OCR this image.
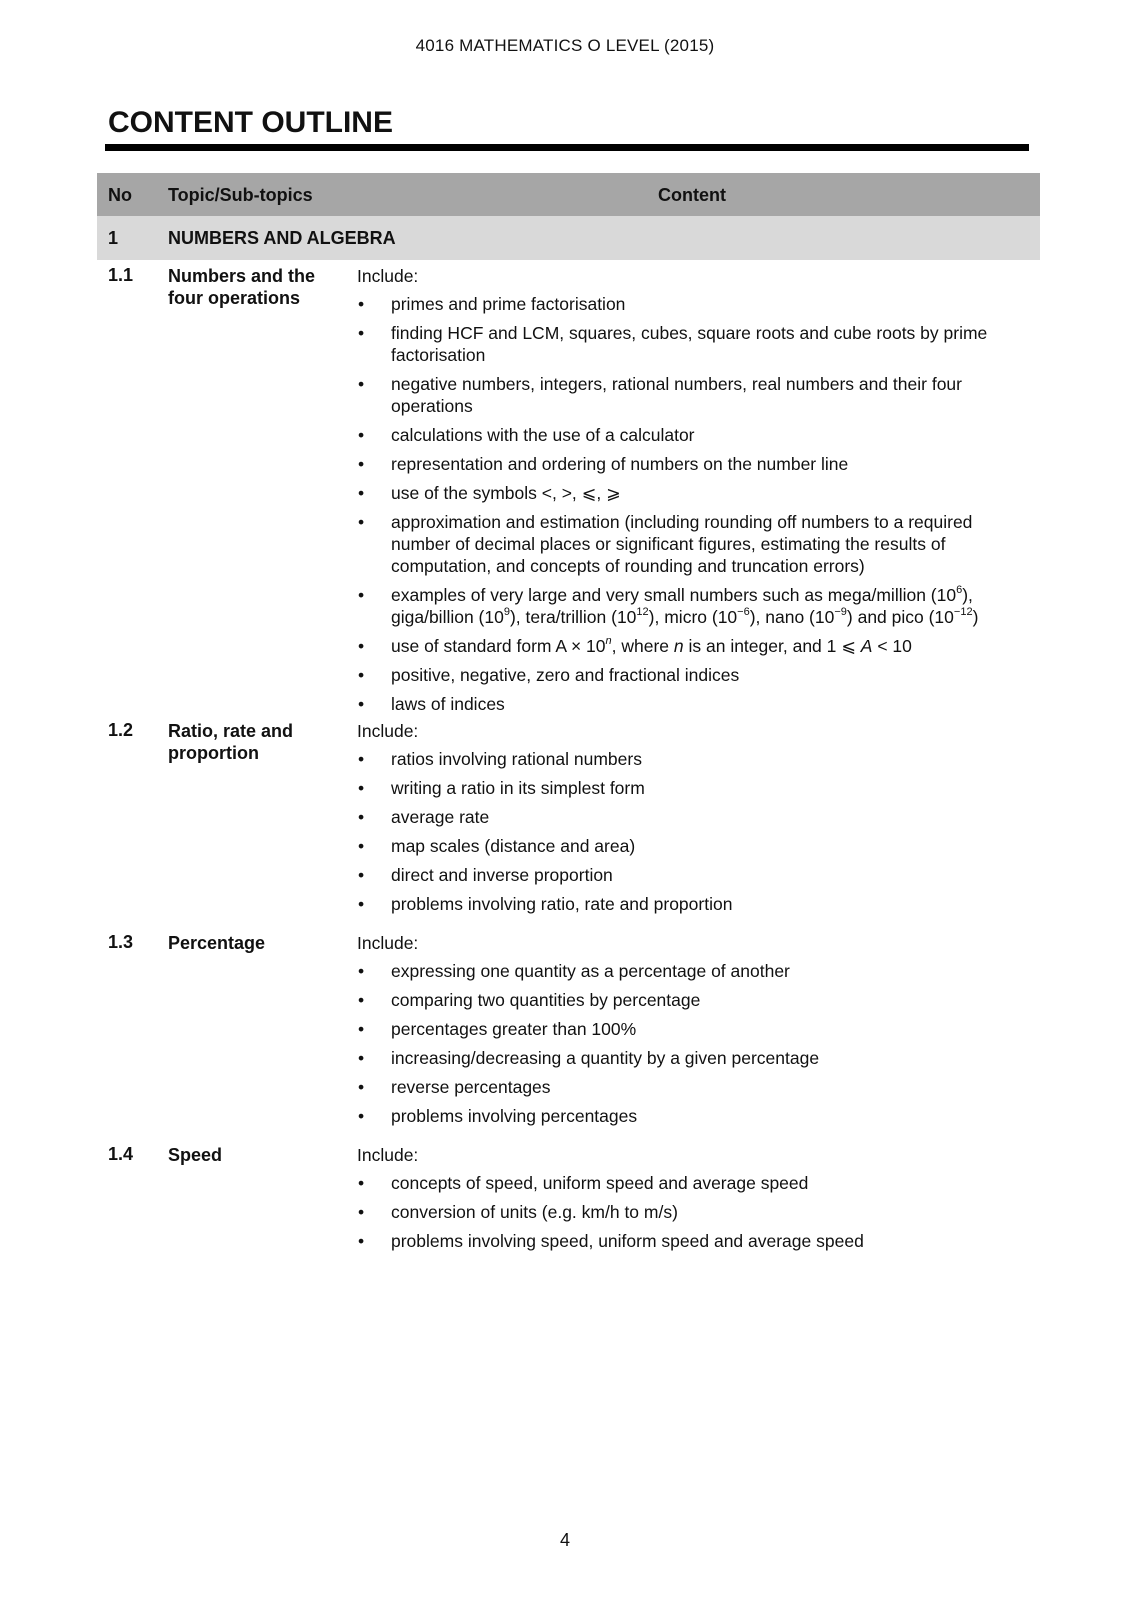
4016 MATHEMATICS O LEVEL (2015)
CONTENT OUTLINE
No Topic/Sub-topics	Content
1	NUMBERS AND ALGEBRA
1.1 Numbers and the four operations

Include:

• primes and prime factorisation
• finding HCF and LCM, squares, cubes, square roots and cube roots by prime factorisation
• negative numbers, integers, rational numbers, real numbers and their four operations
• calculations with the use of a calculator
• representation and ordering of numbers on the number line
• use of the symbols <, >, ⩽, ⩾
• approximation and estimation (including rounding off numbers to a required number of decimal places or significant figures, estimating the results of computation, and concepts of rounding and truncation errors)
• examples of very large and very small numbers such as mega/million $(10^6)$, giga/billion $(10^9)$, tera/trillion $(10^{12})$, micro $(10^{-6})$, nano $(10^{-9})$ and pico $(10^{-12})$
• use of standard form $A \times 10^n$, where n is an integer, and 1 ⩽ A < 10
• positive, negative, zero and fractional indices
• laws of indices
1.2 Ratio, rate and proportion

Include:

• ratios involving rational numbers
• writing a ratio in its simplest form
• average rate
• map scales (distance and area)
• direct and inverse proportion
• problems involving ratio, rate and proportion
1.3 Percentage	Include:

• expressing one quantity as a percentage of another
• comparing two quantities by percentage
• percentages greater than 100%
• increasing/decreasing a quantity by a given percentage
• reverse percentages
• problems involving percentages
1.4 Speed	Include:

• concepts of speed, uniform speed and average speed
• conversion of units (e.g. km/h to m/s)
• problems involving speed, uniform speed and average speed
4
